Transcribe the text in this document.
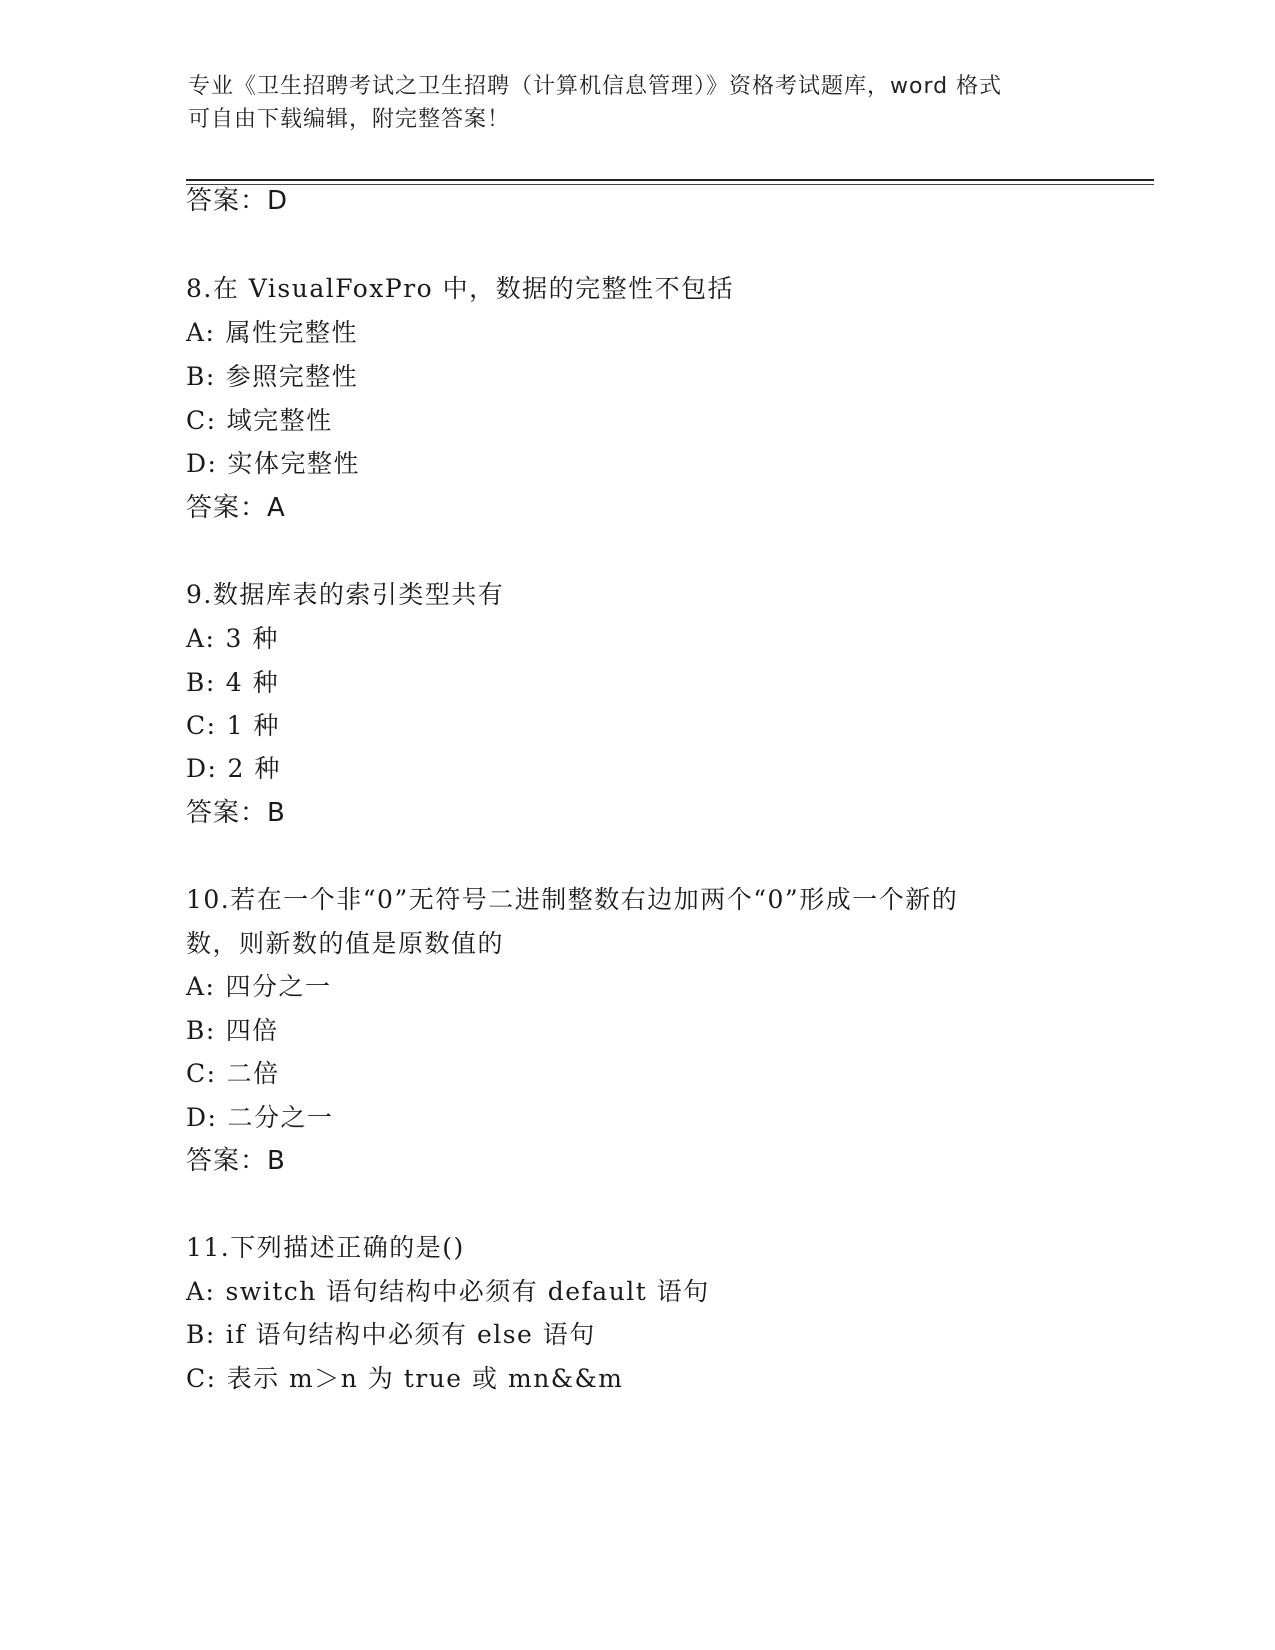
专业《卫生招聘考试之卫生招聘（计算机信息管理）》资格考试题库，word 格式
可自由下载编辑，附完整答案！
答案：D
8.在 VisualFoxPro 中，数据的完整性不包括
A: 属性完整性
B: 参照完整性
C: 域完整性
D: 实体完整性
答案：A
9.数据库表的索引类型共有
A: 3 种
B: 4 种
C: 1 种
D: 2 种
答案：B
10.若在一个非“0”无符号二进制整数右边加两个“0”形成一个新的
数，则新数的值是原数值的
A: 四分之一
B: 四倍
C: 二倍
D: 二分之一
答案：B
11.下列描述正确的是()
A: switch 语句结构中必须有 default 语句
B: if 语句结构中必须有 else 语句
C: 表示 m＞n 为 true 或 mn&&m
